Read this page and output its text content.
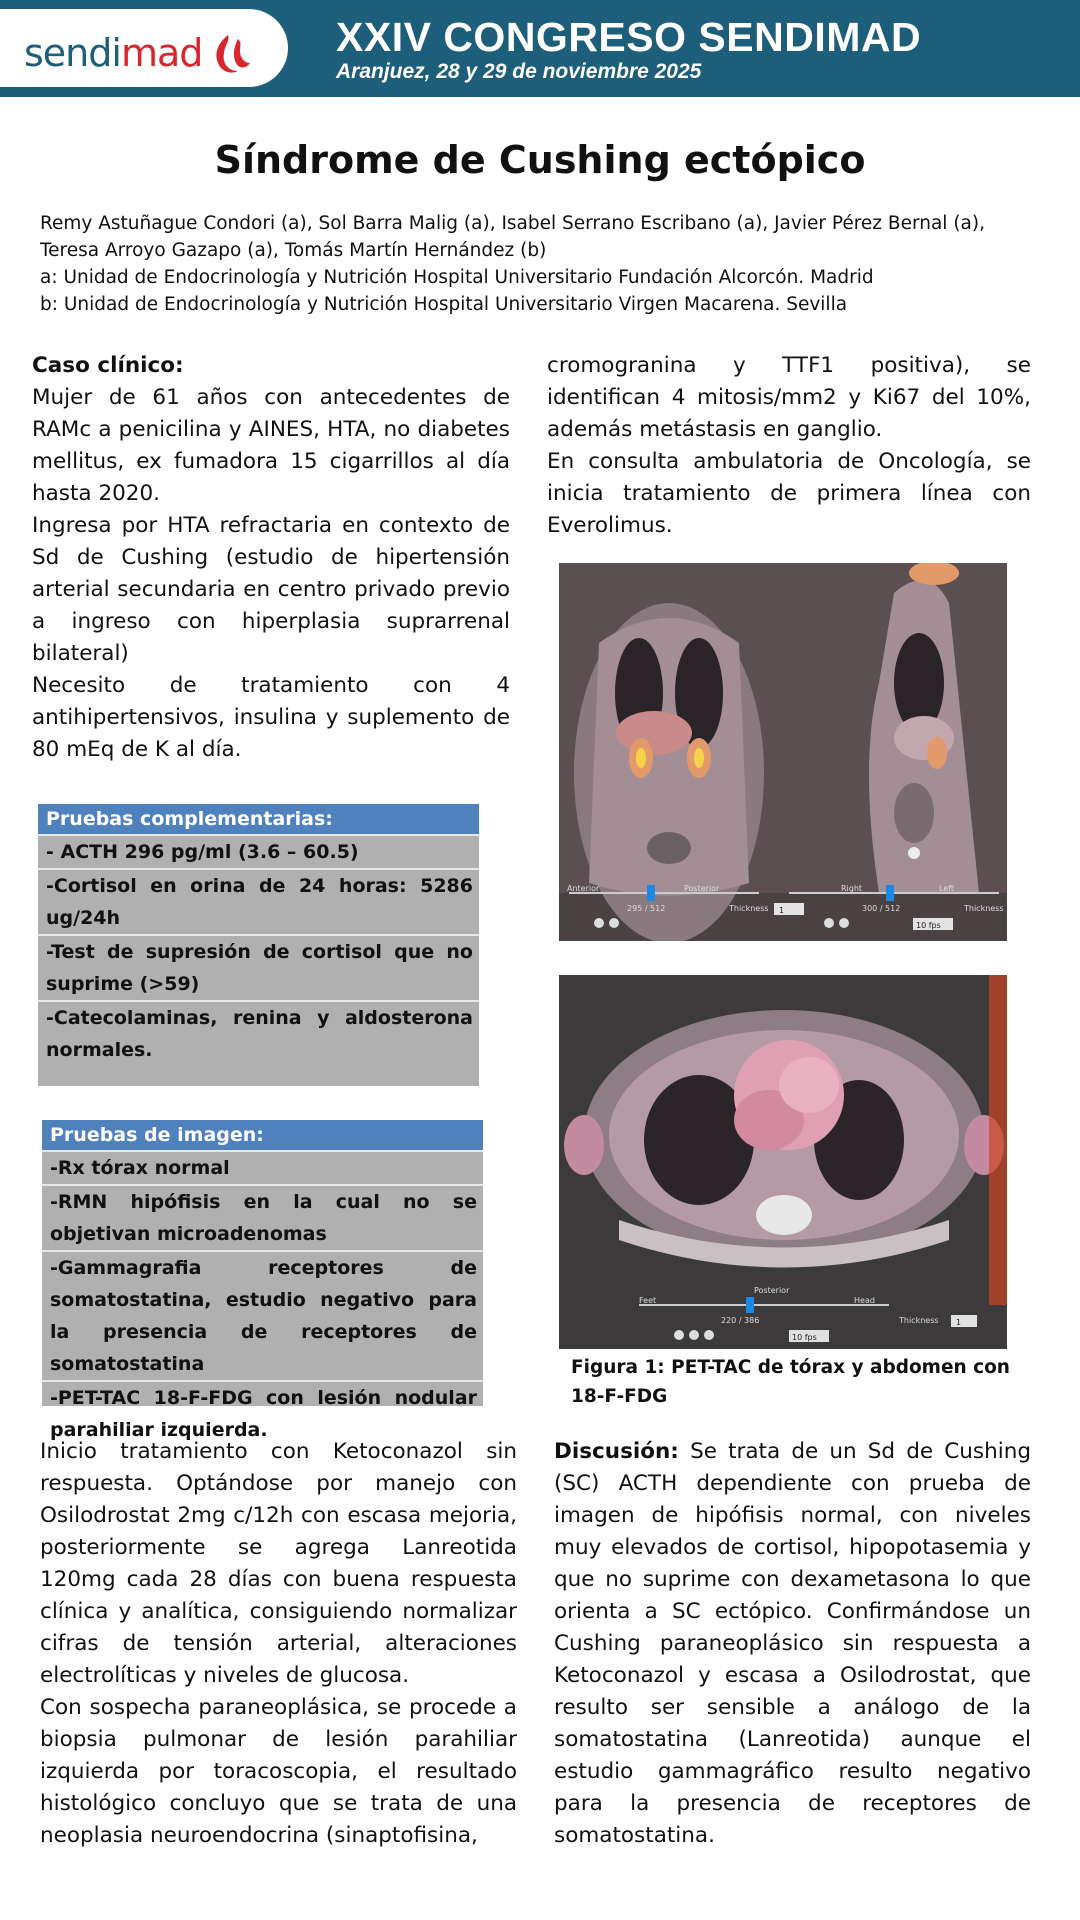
sendimad	XXIV CONGRESO SENDIMAD
Aranjuez, 28 y 29 de noviembre 2025
Síndrome de Cushing ectópico

Remy Astuñague Condori (a), Sol Barra Malig (a), Isabel Serrano Escribano (a), Javier Pérez Bernal (a), Teresa Arroyo Gazapo (a), Tomás Martín Hernández (b)

a: Unidad de Endocrinología y Nutrición Hospital Universitario Fundación Alcorcón. Madrid

b: Unidad de Endocrinología y Nutrición Hospital Universitario Virgen Macarena. Sevilla

Caso clínico:

Mujer de 61 años con antecedentes de RAMc a penicilina y AINES, HTA, no diabetes mellitus, ex fumadora 15 cigarrillos al día hasta 2020.

Ingresa por HTA refractaria en contexto de Sd de Cushing (estudio de hipertensión arterial secundaria en centro privado previo a ingreso con hiperplasia suprarrenal bilateral)

Necesito de tratamiento con 4 antihipertensivos, insulina y suplemento de 80 mEq de K al día.

Pruebas complementarias:
- ACTH 296 pg/ml (3.6 – 60.5)
-Cortisol en orina de 24 horas: 5286 ug/24h
-Test de supresión de cortisol que no suprime (>59)
-Catecolaminas, renina y aldosterona normales.
Pruebas de imagen:
-Rx tórax normal
-RMN hipófisis en la cual no se objetivan microadenomas
-Gammagrafia receptores de somatostatina, estudio negativo para la presencia de receptores de somatostatina
-PET-TAC 18-F-FDG con lesión nodular parahiliar izquierda.

Inicio tratamiento con Ketoconazol sin respuesta. Optándose por manejo con Osilodrostat 2mg c/12h con escasa mejoria, posteriormente se agrega Lanreotida 120mg cada 28 días con buena respuesta clínica y analítica, consiguiendo normalizar cifras de tensión arterial, alteraciones electrolíticas y niveles de glucosa.

Con sospecha paraneoplásica, se procede a biopsia pulmonar de lesión parahiliar izquierda por toracoscopia, el resultado histológico concluyo que se trata de una neoplasia neuroendocrina (sinaptofisina,

cromogranina y TTF1 positiva), se identifican 4 mitosis/mm2 y Ki67 del 10%, además metástasis en ganglio.

En consulta ambulatoria de Oncología, se inicia tratamiento de primera línea con Everolimus.

Anterior	Posterior	Right	Left
295 / 512	300 / 512
Thickness	Thickness
1
10 fps
Feet
Posterior
Head
Thickness
220 / 386	1
10 fps
Figura 1: PET-TAC de tórax y abdomen con 18-F-FDG

Discusión: Se trata de un Sd de Cushing (SC) ACTH dependiente con prueba de imagen de hipófisis normal, con niveles muy elevados de cortisol, hipopotasemia y que no suprime con dexametasona lo que orienta a SC ectópico. Confirmándose un Cushing paraneoplásico sin respuesta a Ketoconazol y escasa a Osilodrostat, que resulto ser sensible a análogo de la somatostatina (Lanreotida) aunque el estudio gammagráfico resulto negativo para la presencia de receptores de somatostatina.
